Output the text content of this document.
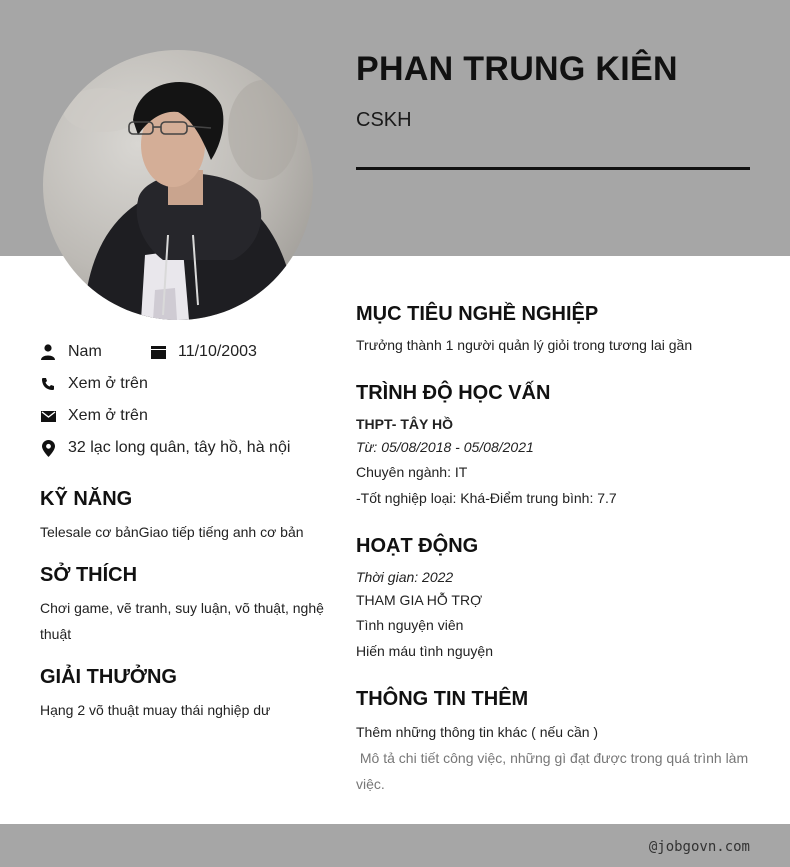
PHAN TRUNG KIÊN
CSKH
Nam	11/10/2003
Xem ở trên
Xem ở trên
32 lạc long quân, tây hồ, hà nội
KỸ NĂNG
Telesale cơ bảnGiao tiếp tiếng anh cơ bản
SỞ THÍCH
Chơi game, vẽ tranh, suy luận, võ thuật, nghệ
thuật
GIẢI THƯỞNG
Hạng 2 võ thuật muay thái nghiệp dư
MỤC TIÊU NGHỀ NGHIỆP
Trưởng thành 1 người quản lý giỏi trong tương lai gần
TRÌNH ĐỘ HỌC VẤN
THPT- TÂY HỒ
Từ: 05/08/2018 - 05/08/2021
Chuyên ngành: IT
-Tốt nghiệp loại: Khá-Điểm trung bình: 7.7
HOẠT ĐỘNG
Thời gian: 2022
THAM GIA HỖ TRỢ
Tình nguyện viên
Hiến máu tình nguyện
THÔNG TIN THÊM
Thêm những thông tin khác ( nếu cần )
Mô tả chi tiết công việc, những gì đạt được trong quá trình làm
việc.
@jobgovn.com
